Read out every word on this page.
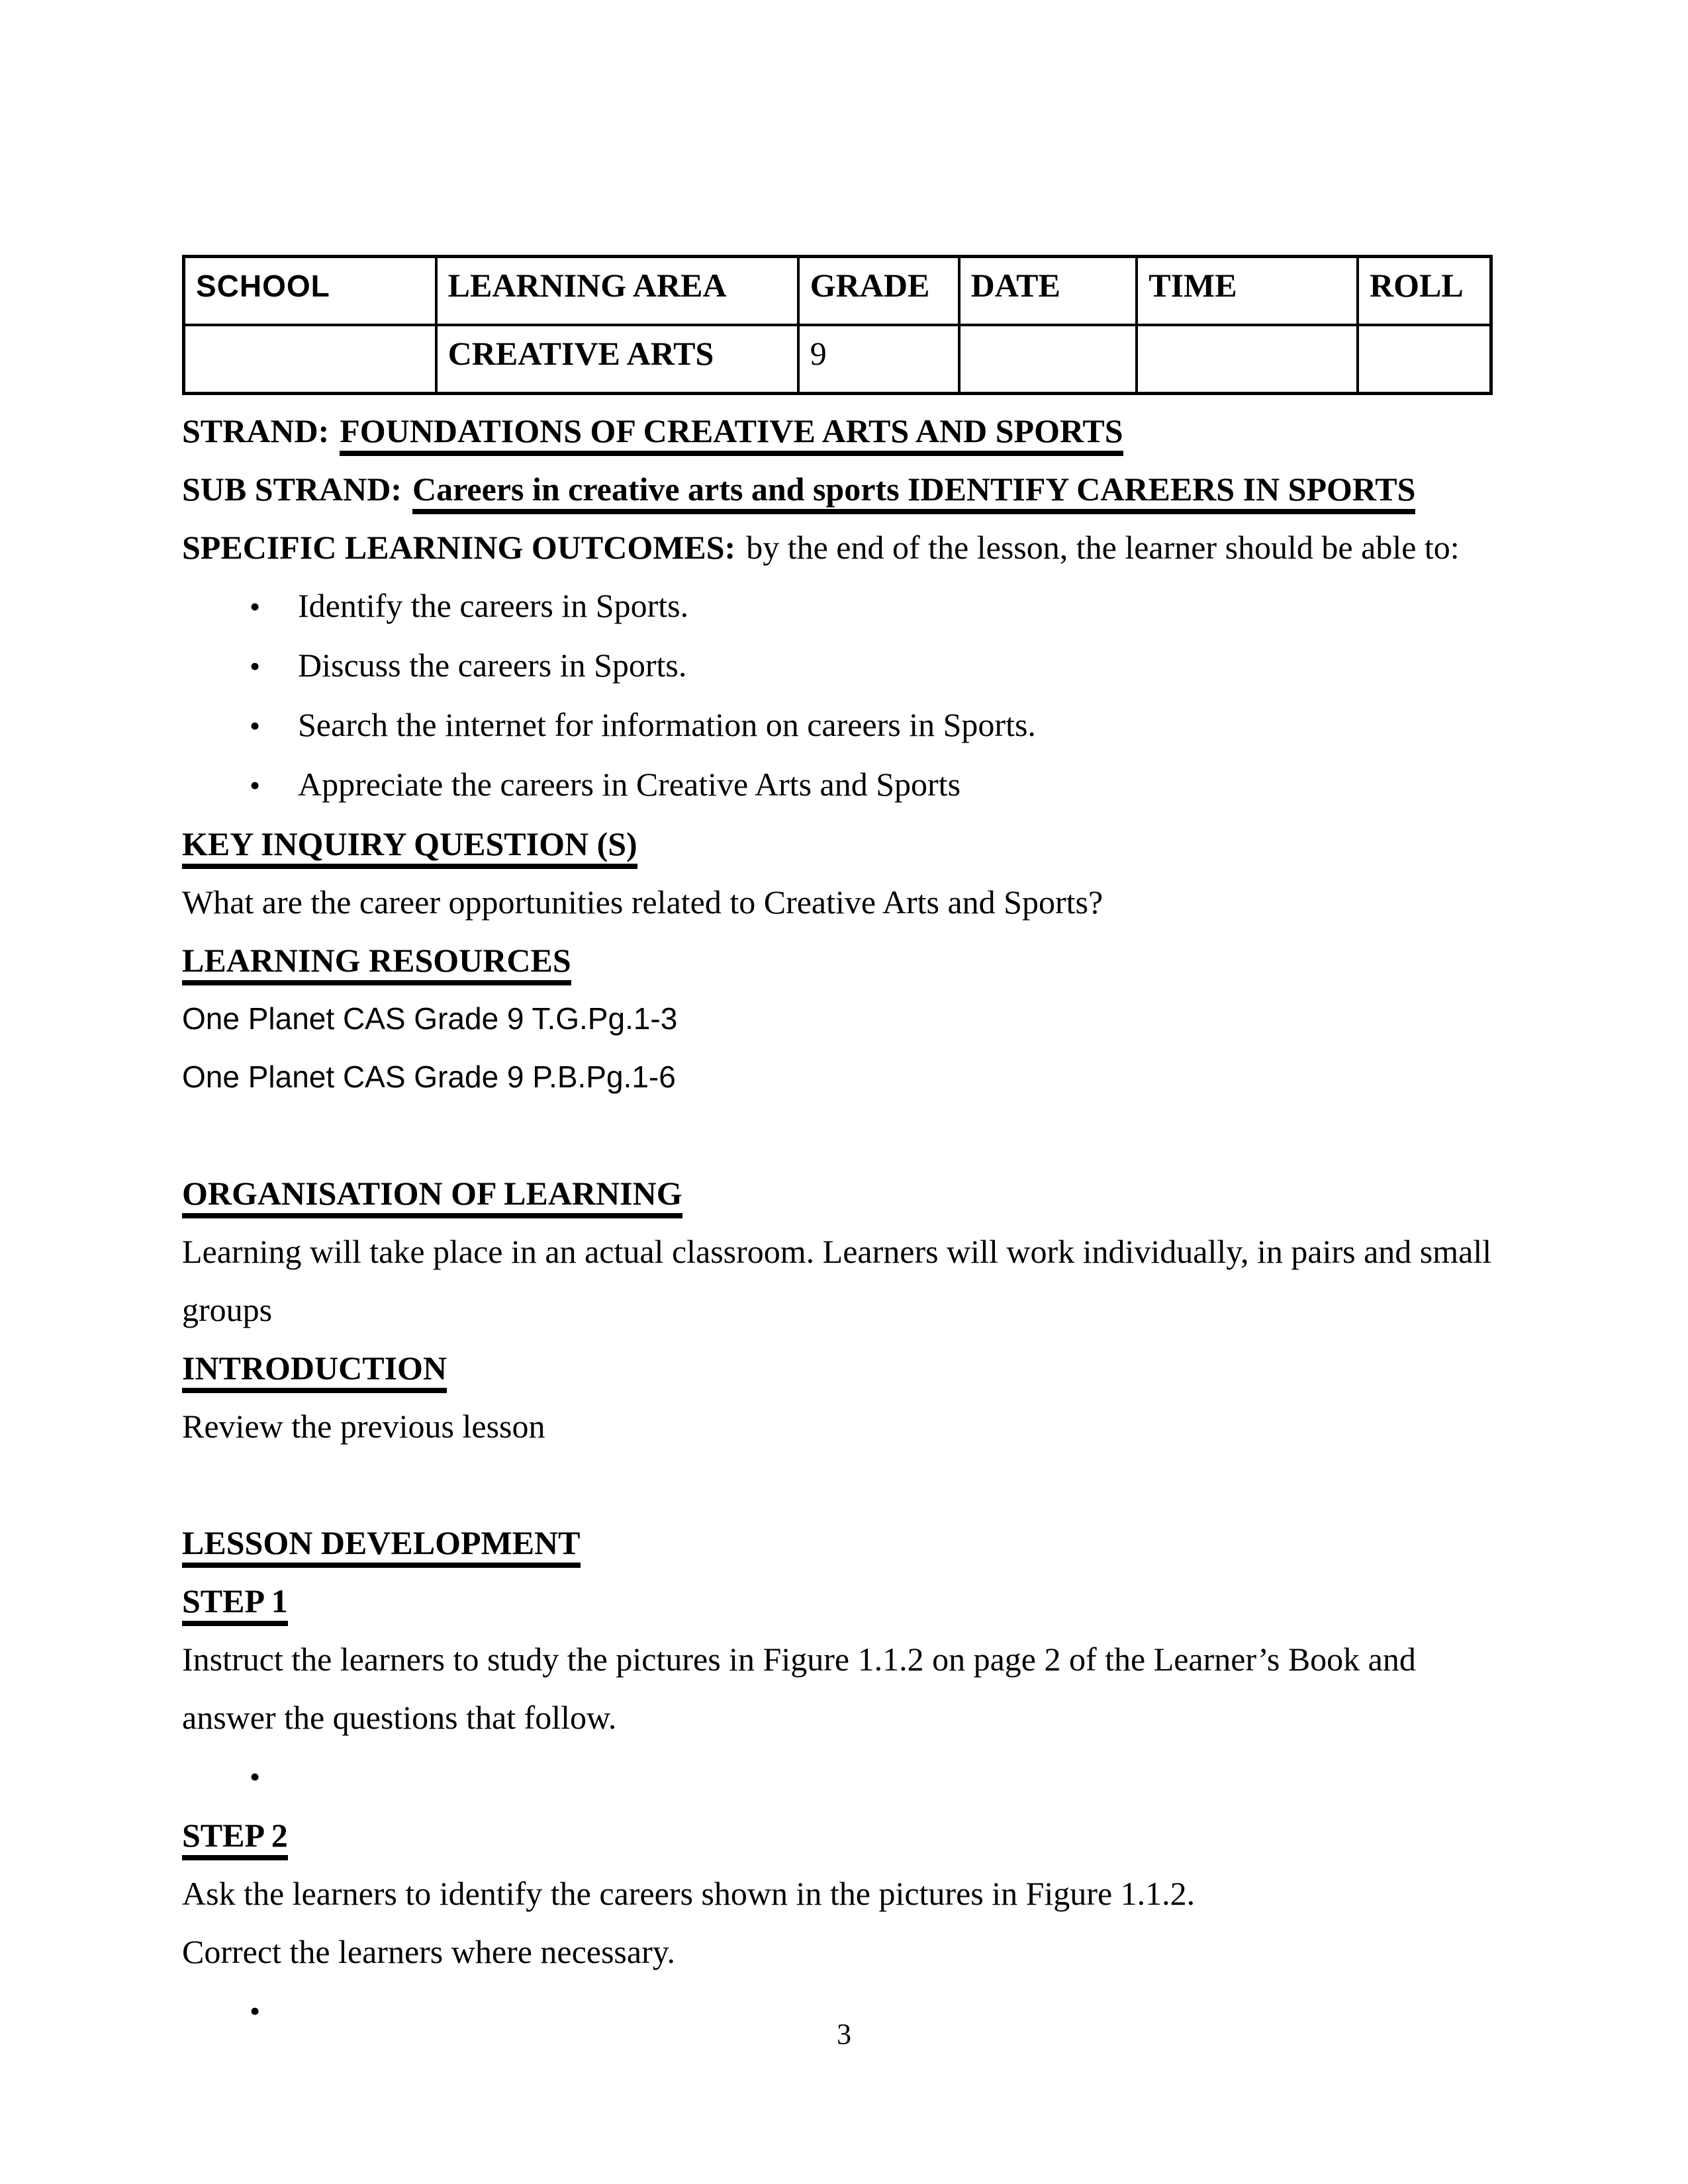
SCHOOL	LEARNING AREA	GRADE	DATE	TIME	ROLL
	CREATIVE ARTS	9			

STRAND: FOUNDATIONS OF CREATIVE ARTS AND SPORTS

SUB STRAND: Careers in creative arts and sports IDENTIFY CAREERS IN SPORTS

SPECIFIC LEARNING OUTCOMES: by the end of the lesson, the learner should be able to:

• Identify the careers in Sports.
• Discuss the careers in Sports.
• Search the internet for information on careers in Sports.
• Appreciate the careers in Creative Arts and Sports

KEY INQUIRY QUESTION (S)

What are the career opportunities related to Creative Arts and Sports?

LEARNING RESOURCES

One Planet CAS Grade 9 T.G.Pg.1-3

One Planet CAS Grade 9 P.B.Pg.1-6

ORGANISATION OF LEARNING

Learning will take place in an actual classroom. Learners will work individually, in pairs and small groups

INTRODUCTION

Review the previous lesson

LESSON DEVELOPMENT

STEP 1

Instruct the learners to study the pictures in Figure 1.1.2 on page 2 of the Learner’s Book and answer the questions that follow.

•

STEP 2

Ask the learners to identify the careers shown in the pictures in Figure 1.1.2.

Correct the learners where necessary.

•
3
